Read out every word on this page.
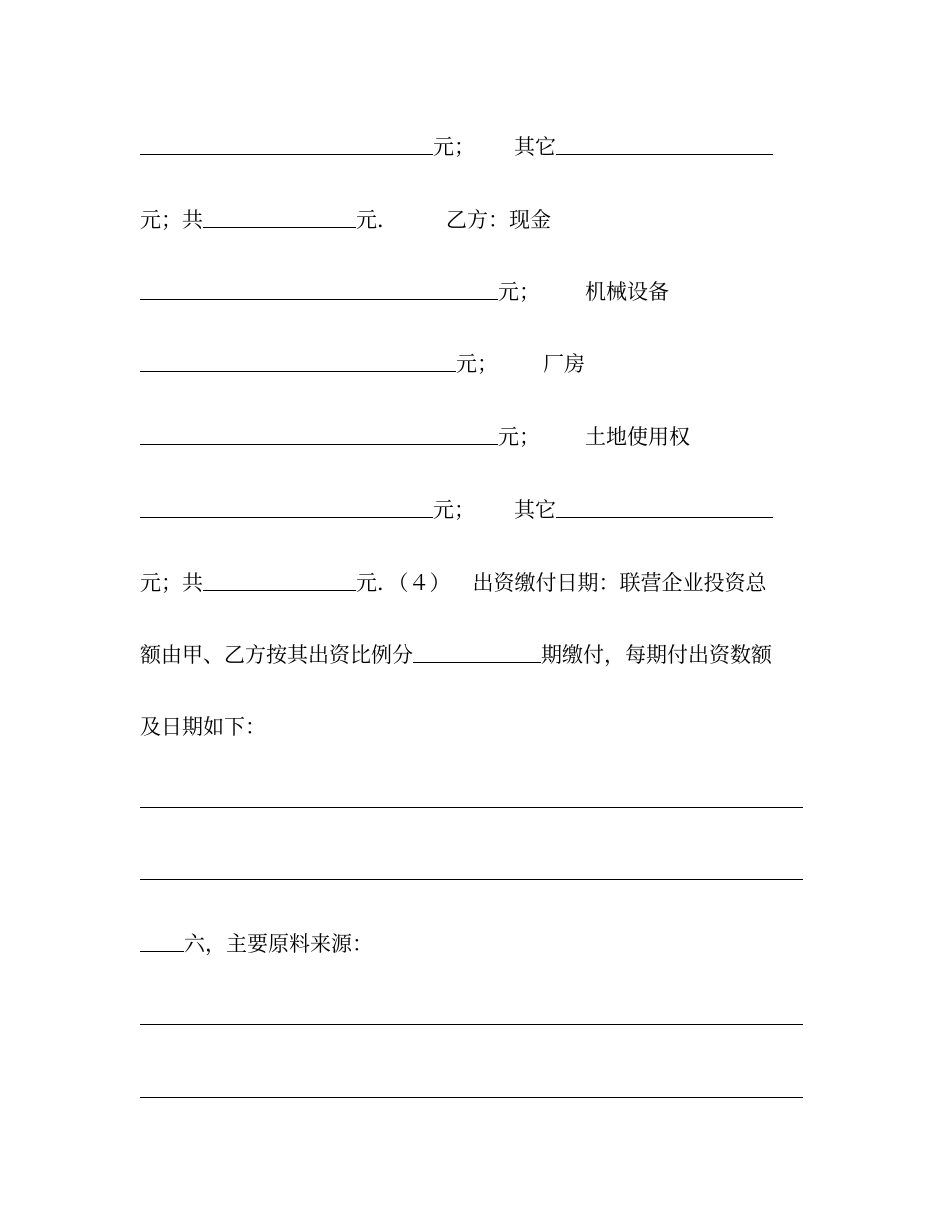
元； 其它
元；共	元． 乙方：现金
元； 机械设备
元； 厂房
元； 土地使用权
元； 其它
元；共	元．（４） 出资缴付日期：联营企业投资总
额由甲、乙方按其出资比例分	期缴付，每期付出资数额
及日期如下：
六，主要原料来源：
